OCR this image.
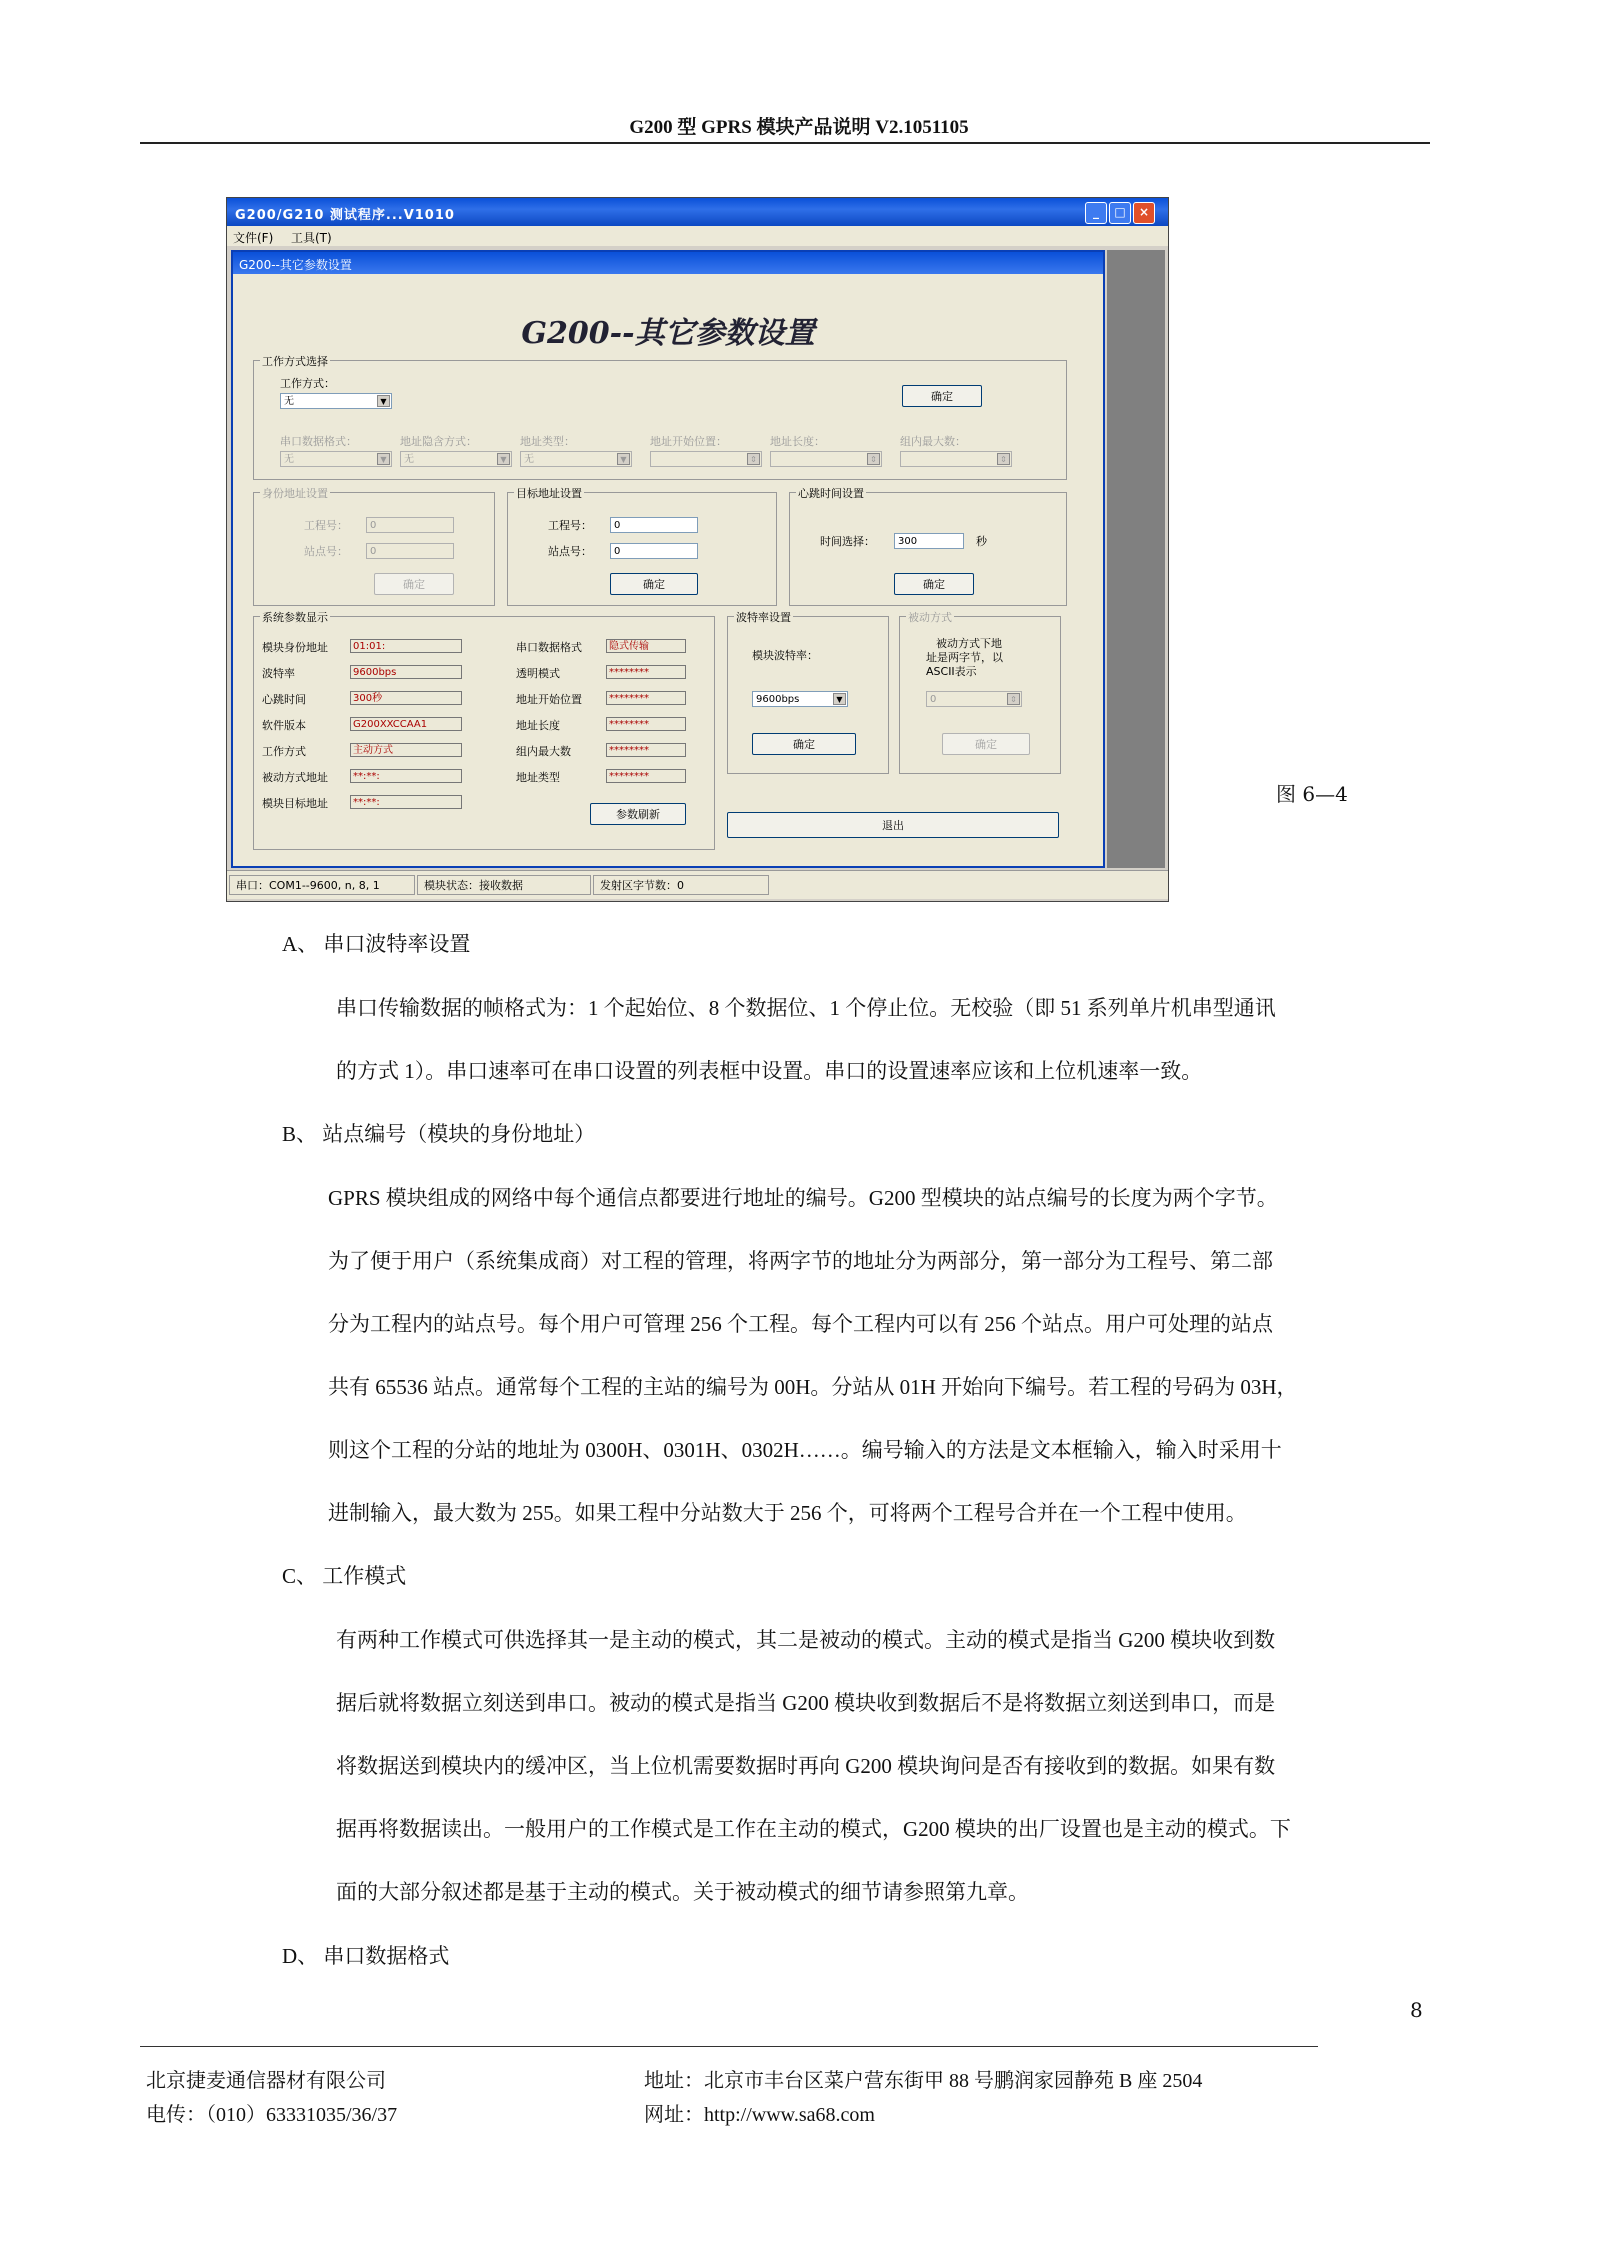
G200 型 GPRS 模块产品说明 V2.1051105
G200/G210 测试程序...V1010	_	□	×
文件(F) 工具(T)
G200--其它参数设置
G200--其它参数设置
工作方式选择
工作方式：
无	▼	确定
串口数据格式：
无	▼
地址隐含方式：
无	▼
地址类型：
无	▼
地址开始位置：
⇕
地址长度：
⇕
组内最大数：
⇕
身份地址设置
工程号：	0
站点号：	0
确定
目标地址设置
工程号：	0
站点号：	0
确定
心跳时间设置
时间选择：	300	秒
确定
系统参数显示
模块身份地址	01:01:
波特率	9600bps
心跳时间	300秒
软件版本	G200XXCCAA1
工作方式	主动方式
被动方式地址	**:**:
模块目标地址	**:**:
串口数据格式	隐式传输
透明模式	********
地址开始位置	********
地址长度	********
组内最大数	********
地址类型	********
参数刷新
波特率设置
模块波特率：
9600bps	▼
确定
被动方式
被动方式下地
址是两字节，以
ASCII表示
0	⇕
确定
退出
串口：COM1--9600, n, 8, 1	模块状态：接收数据	发射区字节数：0
图 6—4
A、 串口波特率设置
串口传输数据的帧格式为：1 个起始位、8 个数据位、1 个停止位。无校验（即 51 系列单片机串型通讯
的方式 1）。串口速率可在串口设置的列表框中设置。串口的设置速率应该和上位机速率一致。
B、 站点编号（模块的身份地址）
GPRS 模块组成的网络中每个通信点都要进行地址的编号。G200 型模块的站点编号的长度为两个字节。
为了便于用户（系统集成商）对工程的管理，将两字节的地址分为两部分，第一部分为工程号、第二部
分为工程内的站点号。每个用户可管理 256 个工程。每个工程内可以有 256 个站点。用户可处理的站点
共有 65536 站点。通常每个工程的主站的编号为 00H。分站从 01H 开始向下编号。若工程的号码为 03H，
则这个工程的分站的地址为 0300H、0301H、0302H……。编号输入的方法是文本框输入，输入时采用十
进制输入，最大数为 255。如果工程中分站数大于 256 个，可将两个工程号合并在一个工程中使用。
C、 工作模式
有两种工作模式可供选择其一是主动的模式，其二是被动的模式。主动的模式是指当 G200 模块收到数
据后就将数据立刻送到串口。被动的模式是指当 G200 模块收到数据后不是将数据立刻送到串口，而是
将数据送到模块内的缓冲区，当上位机需要数据时再向 G200 模块询问是否有接收到的数据。如果有数
据再将数据读出。一般用户的工作模式是工作在主动的模式，G200 模块的出厂设置也是主动的模式。下
面的大部分叙述都是基于主动的模式。关于被动模式的细节请参照第九章。
D、 串口数据格式
8
北京捷麦通信器材有限公司
电传：（010）63331035/36/37
地址：北京市丰台区菜户营东街甲 88 号鹏润家园静苑 B 座 2504
网址：http://www.sa68.com
